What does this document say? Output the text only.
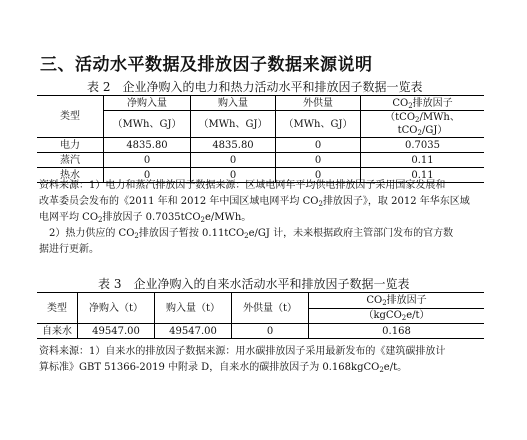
三、活动水平数据及排放因子数据来源说明
表 2　企业净购入的电力和热力活动水平和排放因子数据一览表
类型	净购入量	购入量	外供量	$CO_2$排放因子
	（MWh、GJ）	（MWh、GJ）	（MWh、GJ）	（tCO$_2$/MWh、tCO$_2$/GJ）
电力	4835.80	4835.80	0	0.7035
蒸汽	0	0	0	0.11
热水	0	0	0	0.11
资料来源：1）电力和蒸汽排放因子数据来源：区域电网年平均供电排放因子采用国家发展和
改革委员会发布的《2011 年和 2012 年中国区域电网平均 $CO_2$排放因子》，取 2012 年华东区域
电网平均 $CO_2$排放因子 0.7035tCO$_2$e/MWh。
2）热力供应的 $CO_2$排放因子暂按 0.11tCO$_2$e/GJ 计，未来根据政府主管部门发布的官方数
据进行更新。
表 3　企业净购入的自来水活动水平和排放因子数据一览表
类型	净购入（t）	购入量（t）	外供量（t）	$CO_2$排放因子
				（kgCO$_2$e/t）
自来水	49547.00	49547.00	0	0.168
资料来源：1）自来水的排放因子数据来源：用水碳排放因子采用最新发布的《建筑碳排放计
算标准》GBT 51366-2019 中附录 D，自来水的碳排放因子为 0.168kgCO$_2$e/t。
